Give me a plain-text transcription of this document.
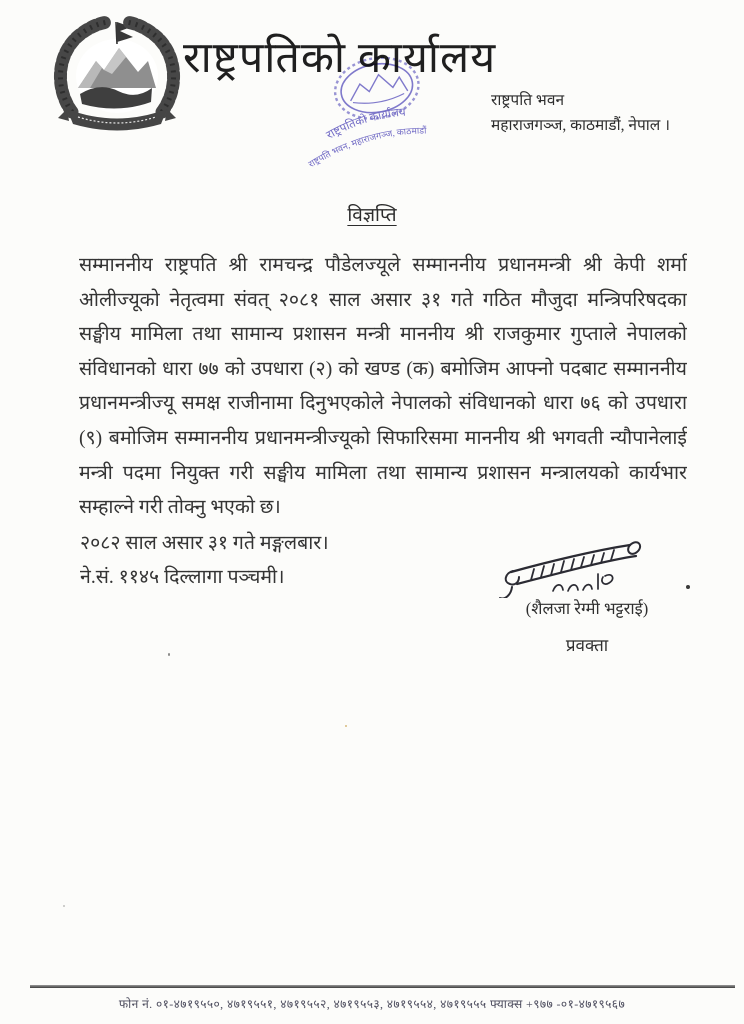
राष्ट्रपतिको कार्यालय
राष्ट्रपतिको कार्यालय
राष्ट्रपति भवन, महाराजगञ्ज, काठमाडौं
राष्ट्रपति भवन
महाराजगञ्ज, काठमाडौं, नेपाल ।
विज्ञप्ति
सम्माननीय राष्ट्रपति श्री रामचन्द्र पौडेलज्यूले सम्माननीय प्रधानमन्त्री श्री केपी शर्मा
ओलीज्यूको नेतृत्वमा संवत् २०८१ साल असार ३१ गते गठित मौजुदा मन्त्रिपरिषदका
सङ्घीय मामिला तथा सामान्य प्रशासन मन्त्री माननीय श्री राजकुमार गुप्ताले नेपालको
संविधानको धारा ७७ को उपधारा (२) को खण्ड (क) बमोजिम आफ्नो पदबाट सम्माननीय
प्रधानमन्त्रीज्यू समक्ष राजीनामा दिनुभएकोले नेपालको संविधानको धारा ७६ को उपधारा
(९) बमोजिम सम्माननीय प्रधानमन्त्रीज्यूको सिफारिसमा माननीय श्री भगवती न्यौपानेलाई
मन्त्री पदमा नियुक्त गरी सङ्घीय मामिला तथा सामान्य प्रशासन मन्त्रालयको कार्यभार
सम्हाल्ने गरी तोक्नु भएको छ।
२०८२ साल असार ३१ गते मङ्गलबार।
ने.सं. ११४५ दिल्लागा पञ्चमी।
(शैलजा रेग्मी भट्टराई)
प्रवक्ता
फोन नं. ०१-४७१९५५०, ४७१९५५१, ४७१९५५२, ४७१९५५३, ४७१९५५४, ४७१९५५५ फ्याक्स +९७७ -०१-४७१९५६७
